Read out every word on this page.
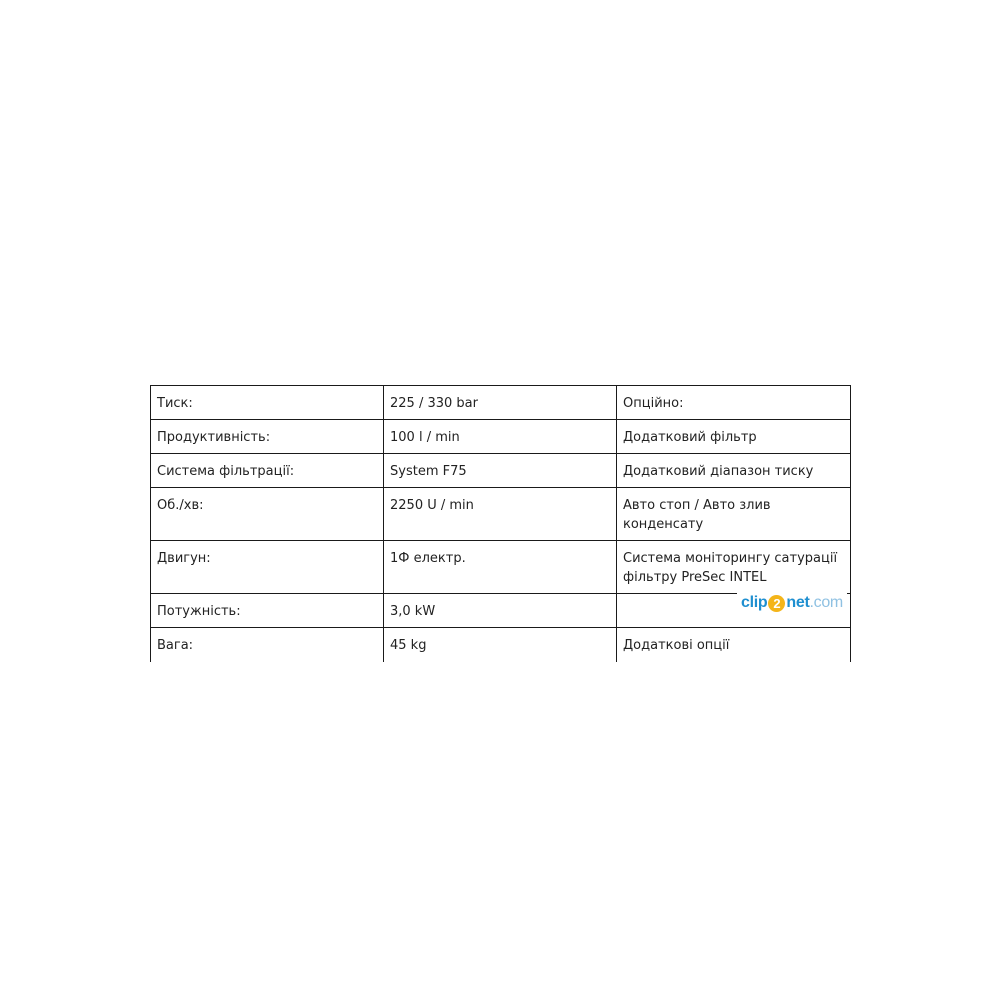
Тиск:	225 / 330 bar	Опційно:
Продуктивність:	100 l / min	Додатковий фільтр
Система фільтрації:	System F75	Додатковий діапазон тиску
Об./хв:	2250 U / min	Авто стоп / Авто злив конденсату
Двигун:	1Ф електр.	Система моніторингу сатурації фільтру PreSec INTEL
Потужність:	3,0 kW	
Вага:	45 kg	Додаткові опції
clip 2 net .com
